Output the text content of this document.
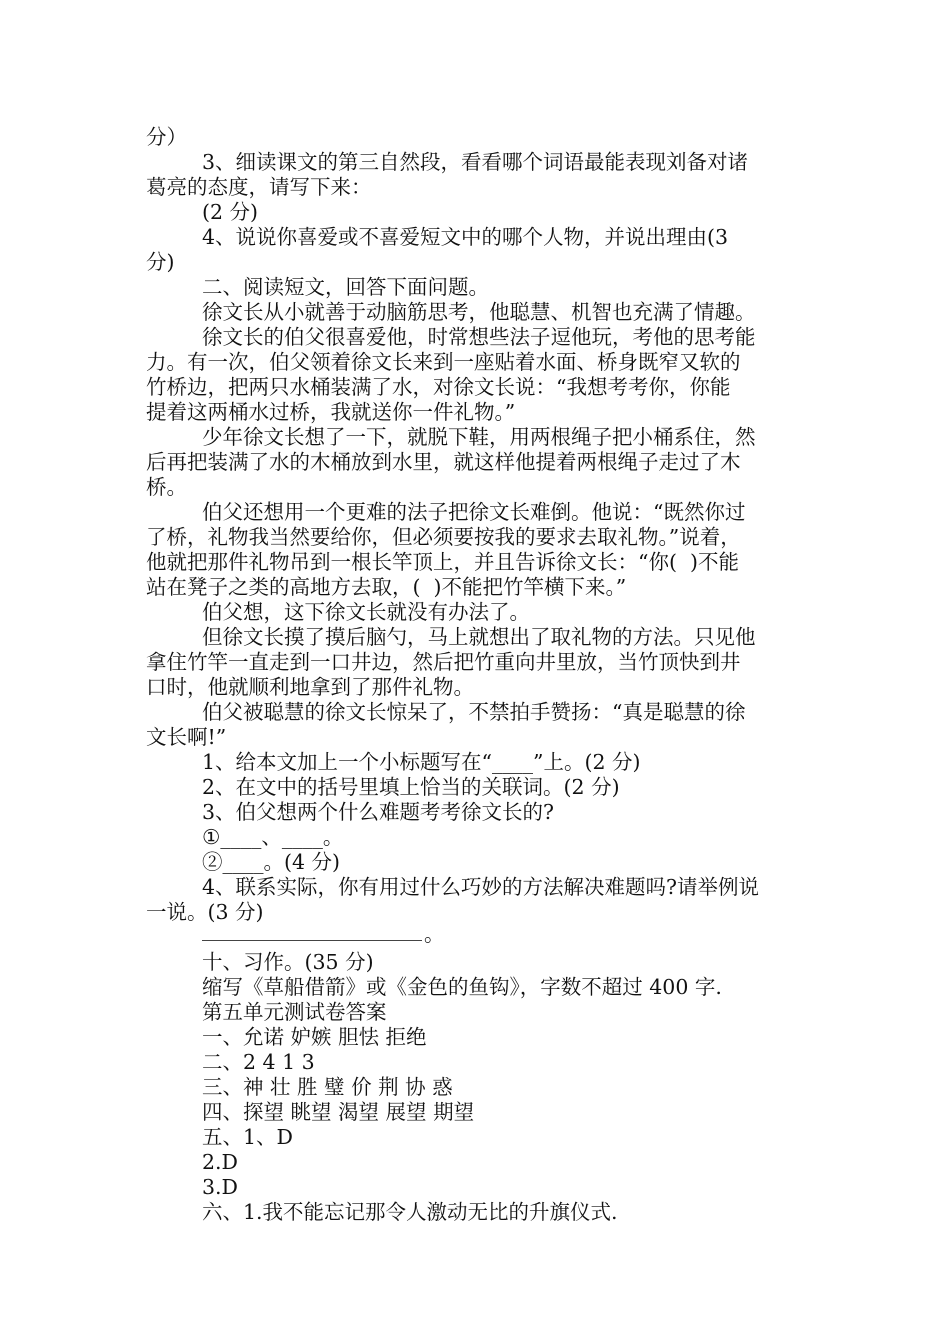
分）
3、细读课文的第三自然段，看看哪个词语最能表现刘备对诸
葛亮的态度，请写下来：
(2 分)
4、说说你喜爱或不喜爱短文中的哪个人物，并说出理由(3
分)
二、阅读短文，回答下面问题。
徐文长从小就善于动脑筋思考，他聪慧、机智也充满了情趣。
徐文长的伯父很喜爱他，时常想些法子逗他玩，考他的思考能
力。有一次，伯父领着徐文长来到一座贴着水面、桥身既窄又软的
竹桥边，把两只水桶装满了水，对徐文长说：“我想考考你，你能
提着这两桶水过桥，我就送你一件礼物。”
少年徐文长想了一下，就脱下鞋，用两根绳子把小桶系住，然
后再把装满了水的木桶放到水里，就这样他提着两根绳子走过了木
桥。
伯父还想用一个更难的法子把徐文长难倒。他说：“既然你过
了桥，礼物我当然要给你，但必须要按我的要求去取礼物。”说着，
他就把那件礼物吊到一根长竿顶上，并且告诉徐文长：“你(  )不能
站在凳子之类的高地方去取，(  )不能把竹竿横下来。”
伯父想，这下徐文长就没有办法了。
但徐文长摸了摸后脑勺，马上就想出了取礼物的方法。只见他
拿住竹竿一直走到一口井边，然后把竹重向井里放，当竹顶快到井
口时，他就顺利地拿到了那件礼物。
伯父被聪慧的徐文长惊呆了，不禁拍手赞扬：“真是聪慧的徐
文长啊!”
1、给本文加上一个小标题写在“____”上。(2 分)
2、在文中的括号里填上恰当的关联词。(2 分)
3、伯父想两个什么难题考考徐文长的?
①____、____。
②____。(4 分)
4、联系实际，你有用过什么巧妙的方法解决难题吗?请举例说
一说。(3 分)
。
十、习作。(35 分)
缩写《草船借箭》或《金色的鱼钩》，字数不超过 400 字.
第五单元测试卷答案
一、允诺 妒嫉 胆怯 拒绝
二、2 4 1 3
三、神 壮 胜 璧 价 荆 协 惑
四、探望 眺望 渴望 展望 期望
五、1、D
2.D
3.D
六、1.我不能忘记那令人激动无比的升旗仪式.
